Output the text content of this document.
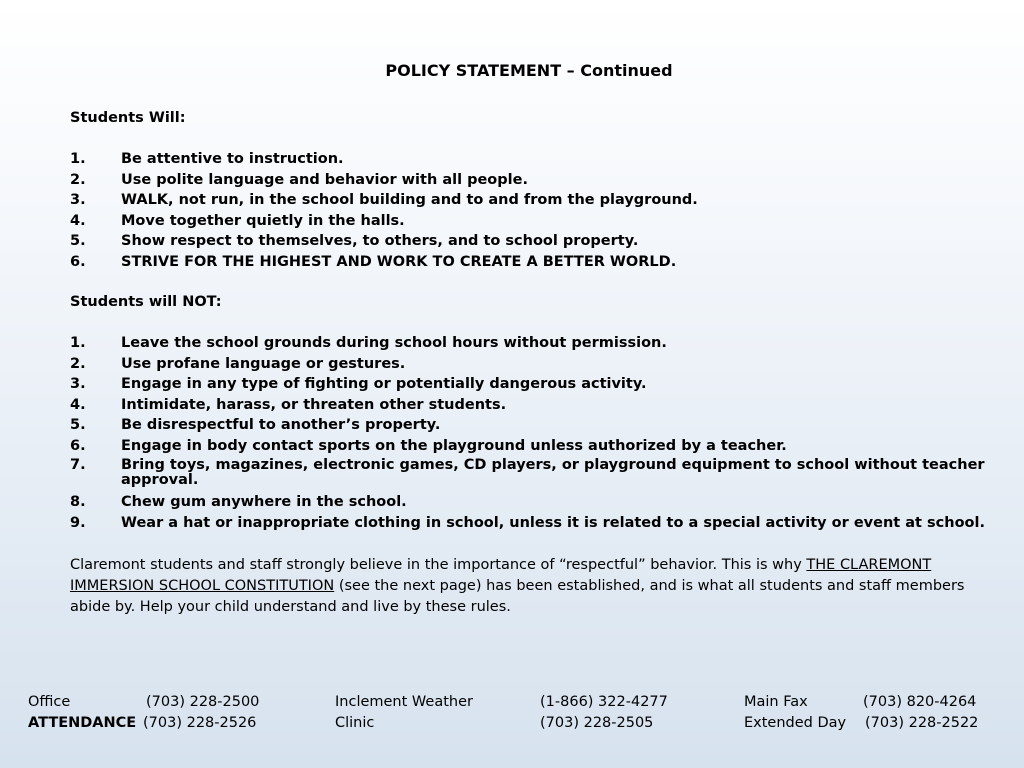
POLICY STATEMENT – Continued
Students Will:
1. Be attentive to instruction.
2. Use polite language and behavior with all people.
3. WALK, not run, in the school building and to and from the playground.
4. Move together quietly in the halls.
5. Show respect to themselves, to others, and to school property.
6. STRIVE FOR THE HIGHEST AND WORK TO CREATE A BETTER WORLD.
Students will NOT:
1. Leave the school grounds during school hours without permission.
2. Use profane language or gestures.
3. Engage in any type of fighting or potentially dangerous activity.
4. Intimidate, harass, or threaten other students.
5. Be disrespectful to another’s property.
6. Engage in body contact sports on the playground unless authorized by a teacher.
7. Bring toys, magazines, electronic games, CD players, or playground equipment to school without teacher approval.
8. Chew gum anywhere in the school.
9. Wear a hat or inappropriate clothing in school, unless it is related to a special activity or event at school.
Claremont students and staff strongly believe in the importance of “respectful” behavior. This is why THE CLAREMONT IMMERSION SCHOOL CONSTITUTION (see the next page) has been established, and is what all students and staff members abide by. Help your child understand and live by these rules.
Office	(703) 228-2500	Inclement Weather	(1-866) 322-4277	Main Fax	(703) 820-4264
ATTENDANCE (703) 228-2526	Clinic	(703) 228-2505	Extended Day (703) 228-2522
